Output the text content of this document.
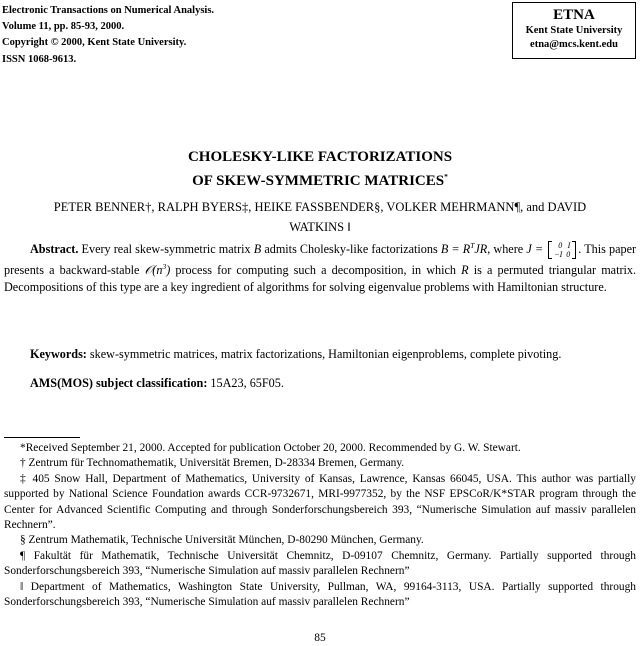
Electronic Transactions on Numerical Analysis.
Volume 11, pp. 85-93, 2000.
Copyright © 2000, Kent State University.
ISSN 1068-9613.
ETNA
Kent State University
etna@mcs.kent.edu
CHOLESKY-LIKE FACTORIZATIONS
OF SKEW-SYMMETRIC MATRICES*
PETER BENNER†, RALPH BYERS‡, HEIKE FASSBENDER§, VOLKER MEHRMANN¶, and DAVID
WATKINS ‖
Abstract. Every real skew-symmetric matrix B admits Cholesky-like factorizations $B = R^TJR$, where J = 0	I
−I	0 . This paper presents a backward-stable $𝒪(n^3)$ process for computing such a decomposition, in which R is a permuted triangular matrix. Decompositions of this type are a key ingredient of algorithms for solving eigenvalue problems with Hamiltonian structure.
Keywords: skew-symmetric matrices, matrix factorizations, Hamiltonian eigenproblems, complete pivoting.
AMS(MOS) subject classification: 15A23, 65F05.
*Received September 21, 2000. Accepted for publication October 20, 2000. Recommended by G. W. Stewart.
† Zentrum für Technomathematik, Universität Bremen, D-28334 Bremen, Germany.
‡ 405 Snow Hall, Department of Mathematics, University of Kansas, Lawrence, Kansas 66045, USA. This author was partially supported by National Science Foundation awards CCR-9732671, MRI-9977352, by the NSF EPSCoR/K*STAR program through the Center for Advanced Scientific Computing and through Sonderforschungsbereich 393, “Numerische Simulation auf massiv parallelen Rechnern”.
§ Zentrum Mathematik, Technische Universität München, D-80290 München, Germany.
¶ Fakultät für Mathematik, Technische Universität Chemnitz, D-09107 Chemnitz, Germany. Partially supported through Sonderforschungsbereich 393, “Numerische Simulation auf massiv parallelen Rechnern”
‖ Department of Mathematics, Washington State University, Pullman, WA, 99164-3113, USA. Partially supported through Sonderforschungsbereich 393, “Numerische Simulation auf massiv parallelen Rechnern”
85
